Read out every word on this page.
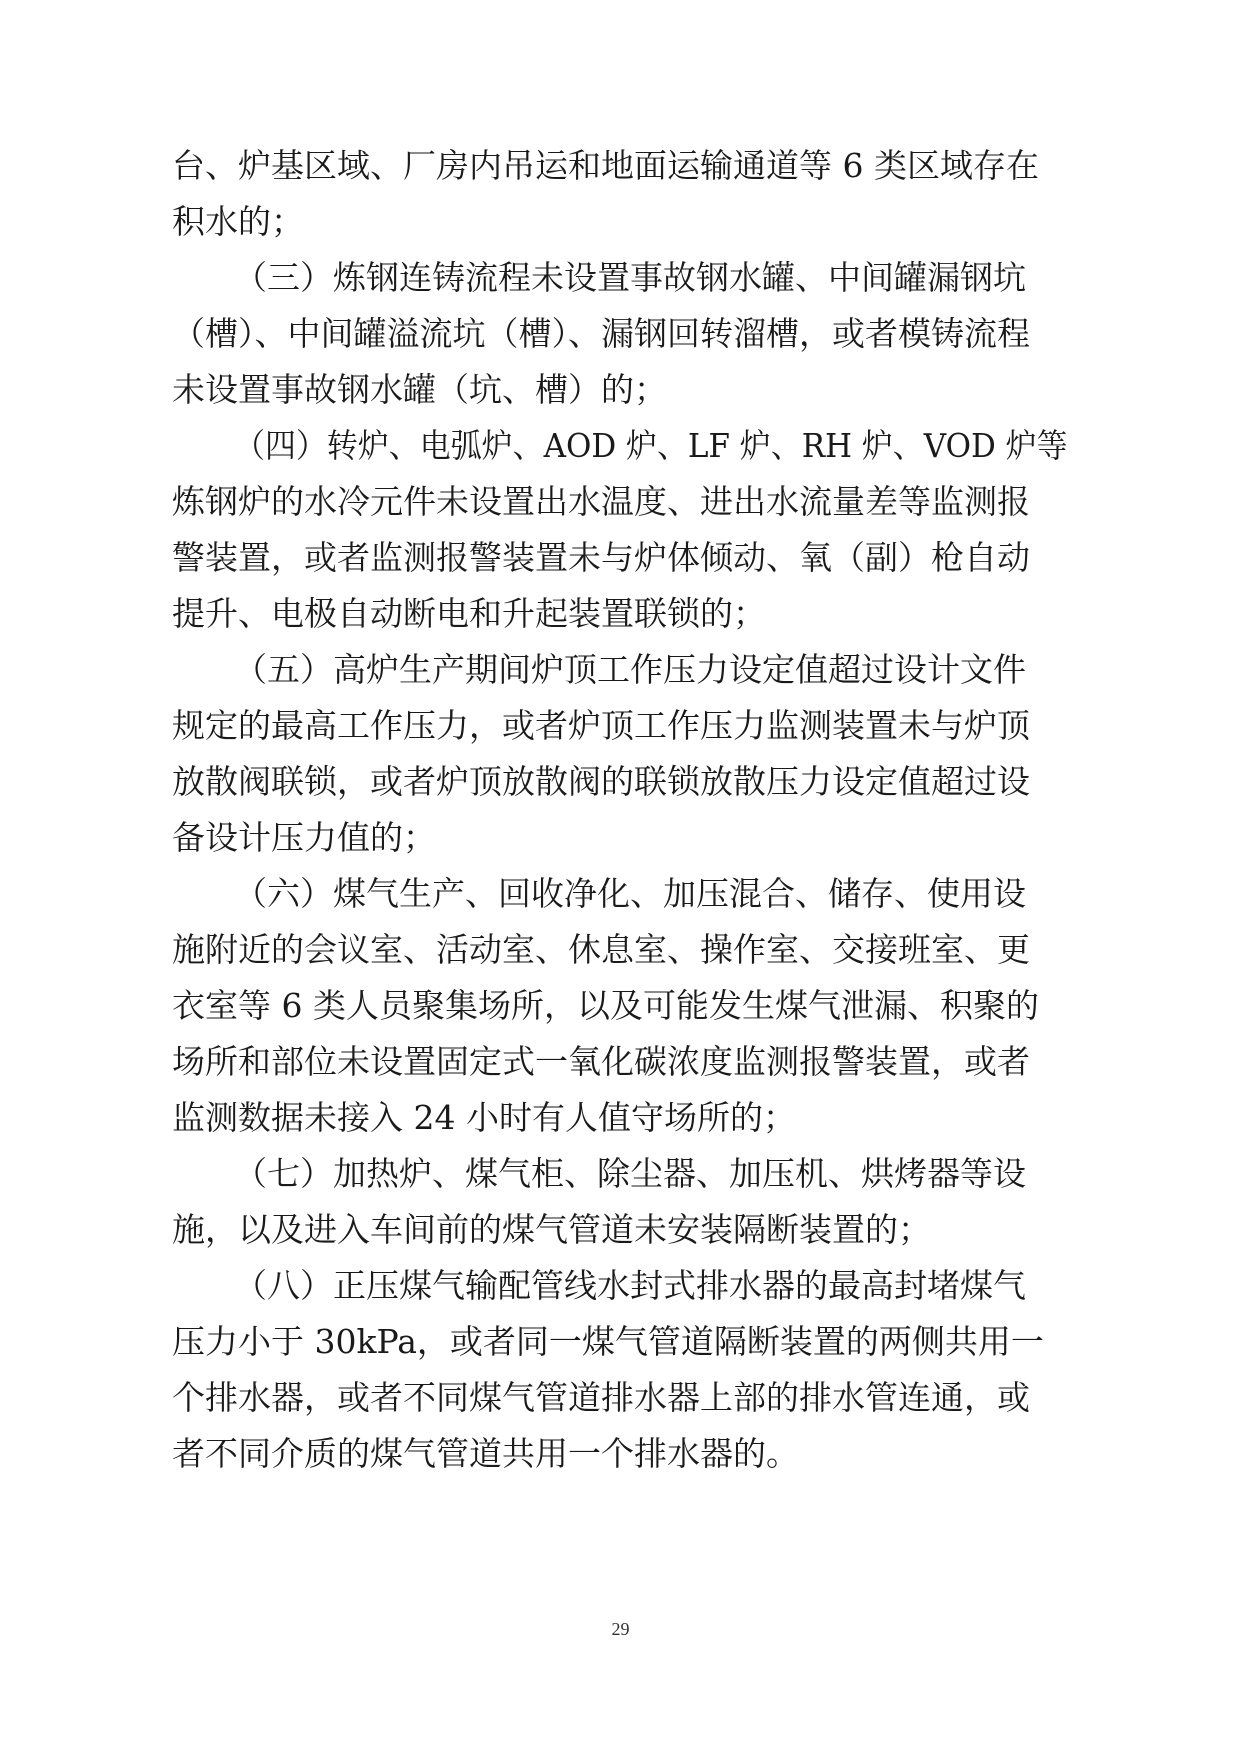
台、炉基区域、厂房内吊运和地面运输通道等 6 类区域存在
积水的；
（三）炼钢连铸流程未设置事故钢水罐、中间罐漏钢坑
（槽）、中间罐溢流坑（槽）、漏钢回转溜槽，或者模铸流程
未设置事故钢水罐（坑、槽）的；
（四）转炉、电弧炉、AOD 炉、LF 炉、RH 炉、VOD 炉等
炼钢炉的水冷元件未设置出水温度、进出水流量差等监测报
警装置，或者监测报警装置未与炉体倾动、氧（副）枪自动
提升、电极自动断电和升起装置联锁的；
（五）高炉生产期间炉顶工作压力设定值超过设计文件
规定的最高工作压力，或者炉顶工作压力监测装置未与炉顶
放散阀联锁，或者炉顶放散阀的联锁放散压力设定值超过设
备设计压力值的；
（六）煤气生产、回收净化、加压混合、储存、使用设
施附近的会议室、活动室、休息室、操作室、交接班室、更
衣室等 6 类人员聚集场所，以及可能发生煤气泄漏、积聚的
场所和部位未设置固定式一氧化碳浓度监测报警装置，或者
监测数据未接入 24 小时有人值守场所的；
（七）加热炉、煤气柜、除尘器、加压机、烘烤器等设
施，以及进入车间前的煤气管道未安装隔断装置的；
（八）正压煤气输配管线水封式排水器的最高封堵煤气
压力小于 30kPa，或者同一煤气管道隔断装置的两侧共用一
个排水器，或者不同煤气管道排水器上部的排水管连通，或
者不同介质的煤气管道共用一个排水器的。
29
